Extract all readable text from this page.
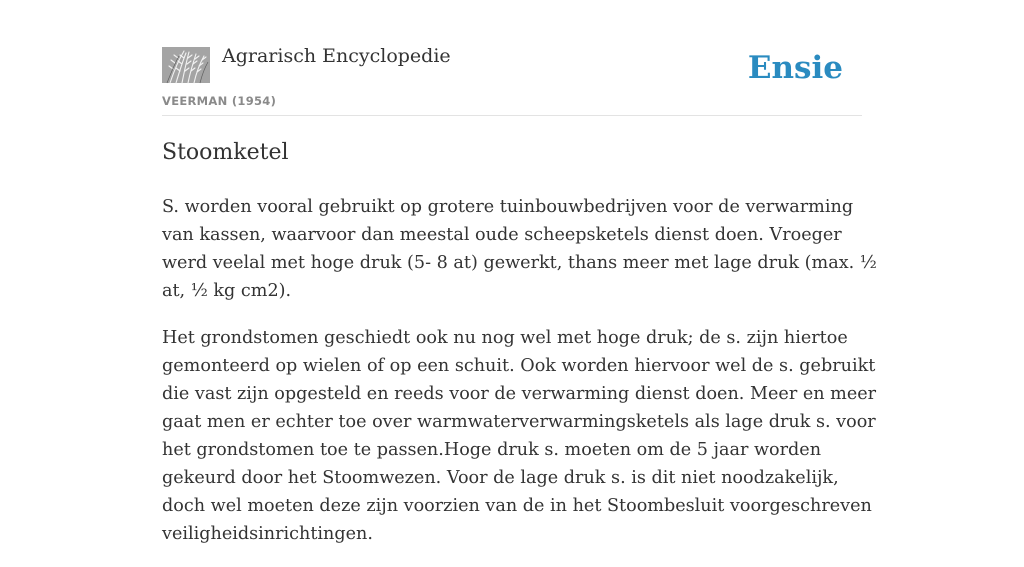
Agrarisch Encyclopedie
VEERMAN (1954)
Ensie
Stoomketel

S. worden vooral gebruikt op grotere tuinbouwbedrijven voor de verwarming van kassen, waarvoor dan meestal oude scheepsketels dienst doen. Vroeger werd veelal met hoge druk (5- 8 at) gewerkt, thans meer met lage druk (max. ½ at, ½ kg cm2).

Het grondstomen geschiedt ook nu nog wel met hoge druk; de s. zijn hiertoe gemonteerd op wielen of op een schuit. Ook worden hiervoor wel de s. gebruikt die vast zijn opgesteld en reeds voor de verwarming dienst doen. Meer en meer gaat men er echter toe over warmwaterverwarmingsketels als lage druk s. voor het grondstomen toe te passen.Hoge druk s. moeten om de 5 jaar worden gekeurd door het Stoomwezen. Voor de lage druk s. is dit niet noodzakelijk, doch wel moeten deze zijn voorzien van de in het Stoombesluit voorgeschreven veiligheidsinrichtingen.
